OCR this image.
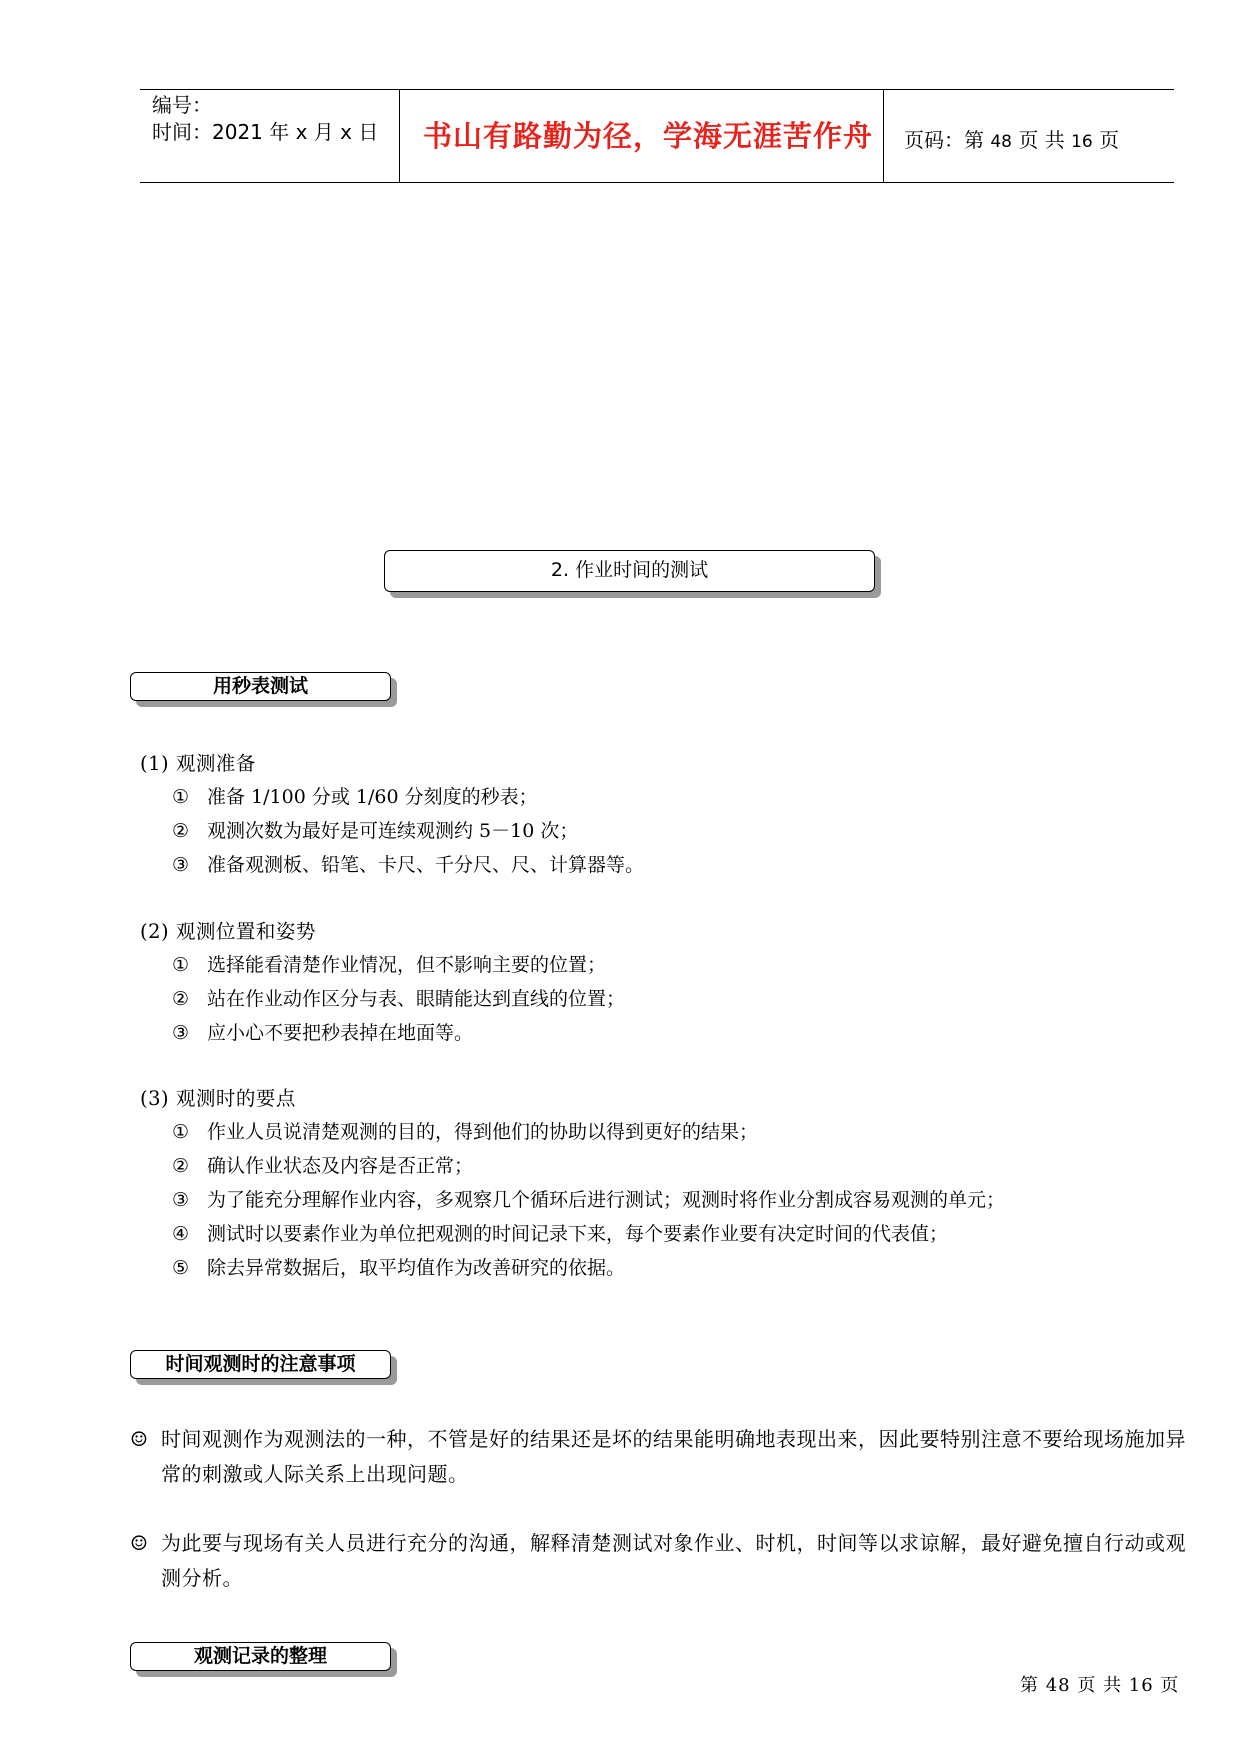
编号：
时间：2021 年 x 月 x 日	书山有路勤为径，学海无涯苦作舟	页码：第 48 页 共 16 页
2. 作业时间的测试
用秒表测试
(1) 观测准备
① 准备 1/100 分或 1/60 分刻度的秒表；
② 观测次数为最好是可连续观测约 5－10 次；
③ 准备观测板、铅笔、卡尺、千分尺、尺、计算器等。
(2) 观测位置和姿势
① 选择能看清楚作业情况，但不影响主要的位置；
② 站在作业动作区分与表、眼睛能达到直线的位置；
③ 应小心不要把秒表掉在地面等。
(3) 观测时的要点
① 作业人员说清楚观测的目的，得到他们的协助以得到更好的结果；
② 确认作业状态及内容是否正常；
③ 为了能充分理解作业内容，多观察几个循环后进行测试；观测时将作业分割成容易观测的单元；
④ 测试时以要素作业为单位把观测的时间记录下来，每个要素作业要有决定时间的代表值；
⑤ 除去异常数据后，取平均值作为改善研究的依据。
时间观测时的注意事项
☺ 时间观测作为观测法的一种，不管是好的结果还是坏的结果能明确地表现出来，因此要特别注意不要给现场施加异常的刺激或人际关系上出现问题。
☺ 为此要与现场有关人员进行充分的沟通，解释清楚测试对象作业、时机，时间等以求谅解，最好避免擅自行动或观测分析。
观测记录的整理
第 48 页 共 16 页
